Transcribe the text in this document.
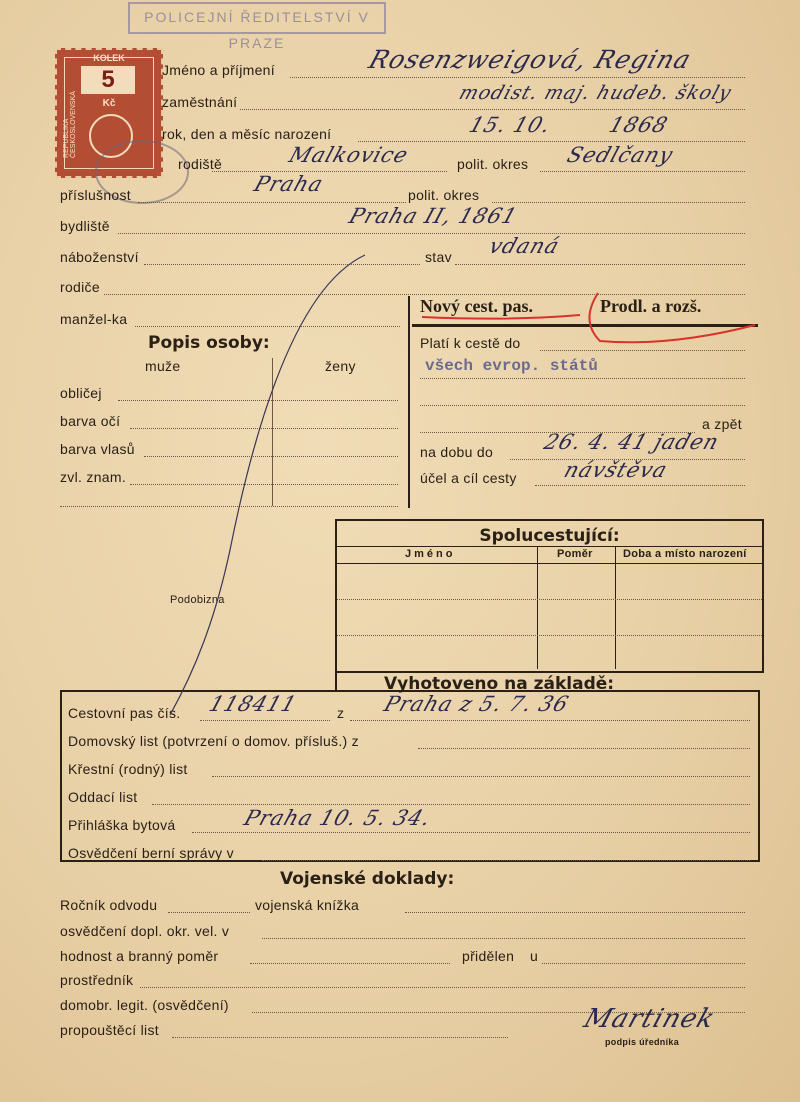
POLICEJNÍ ŘEDITELSTVÍ V PRAZE
KOLEK
5
Kč
REPUBLIKA ČESKOSLOVENSKÁ
Jméno a příjmení	Rosenzweigová, Regina
zaměstnání	modist. maj. hudeb. školy
rok, den a měsíc narození	15. 10. 1868
rodiště	Malkovice	polit. okres Sedlčany
příslušnost	Praha	polit. okres
bydliště	Praha II, 1861
náboženství	stav vdaná
rodiče
manžel-ka
Popis osoby:
muže	ženy
obličej
barva očí
barva vlasů
zvl. znam.
Nový cest. pas.	Prodl. a rozš.
Platí k cestě do
všech evrop. států
a zpět
na dobu do 26. 4. 41 jaden
účel a cíl cesty návštěva
Spolucestující:
Jméno	Poměr	Doba a místo narození
Podobizna
Vyhotoveno na základě:
Cestovní pas čís. 118411	z Praha z 5. 7. 36
Domovský list (potvrzení o domov. přísluš.) z
Křestní (rodný) list
Oddací list
Přihláška bytová	Praha 10. 5. 34.
Osvědčení berní správy v
Vojenské doklady:
Ročník odvodu	vojenská knížka
osvědčení dopl. okr. vel. v
hodnost a branný poměr	přidělen u
prostředník
domobr. legit. (osvědčení)
propouštěcí list	Martinek
podpis úředníka
